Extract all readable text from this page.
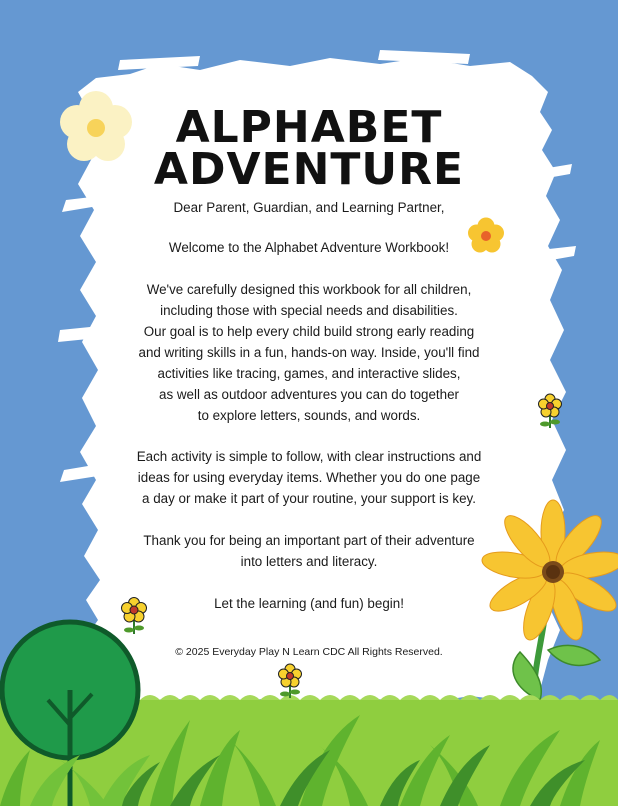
ALPHABET
ADVENTURE
Dear Parent, Guardian, and Learning Partner,
Welcome to the Alphabet Adventure Workbook!
We've carefully designed this workbook for all children,
including those with special needs and disabilities.
Our goal is to help every child build strong early reading
and writing skills in a fun, hands-on way. Inside, you'll find
activities like tracing, games, and interactive slides,
as well as outdoor adventures you can do together
to explore letters, sounds, and words.
Each activity is simple to follow, with clear instructions and
ideas for using everyday items. Whether you do one page
a day or make it part of your routine, your support is key.
Thank you for being an important part of their adventure
into letters and literacy.
Let the learning (and fun) begin!
© 2025 Everyday Play N Learn CDC All Rights Reserved.
